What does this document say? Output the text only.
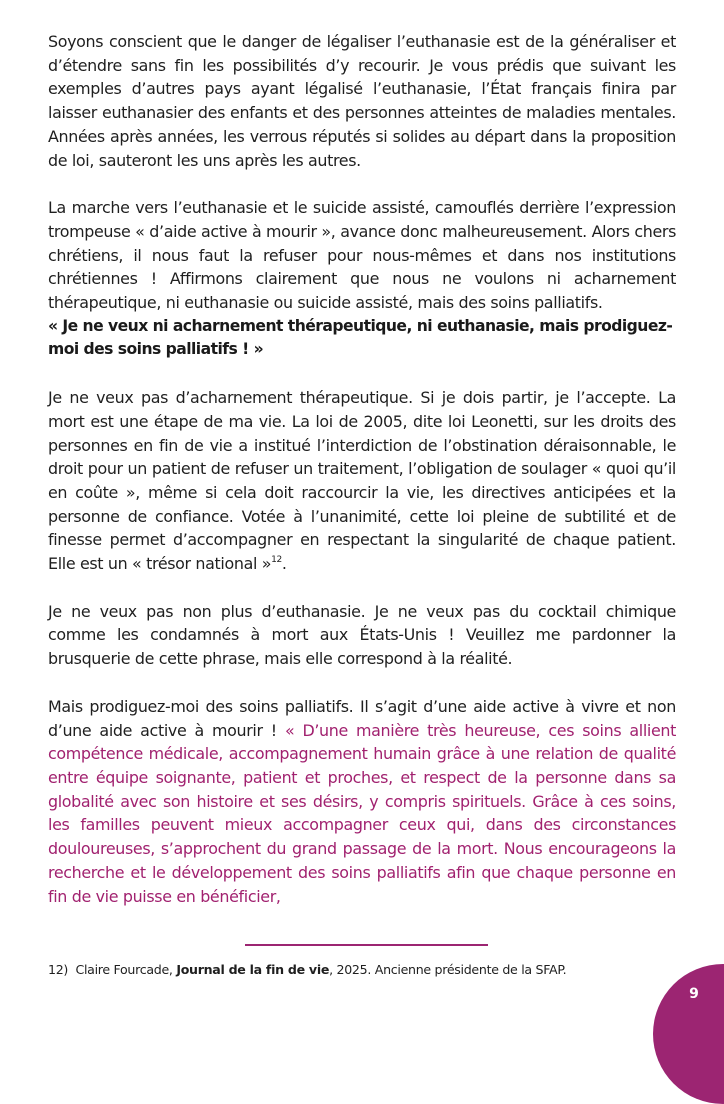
Soyons conscient que le danger de légaliser l’euthanasie est de la généraliser et d’étendre sans fin les possibilités d’y recourir. Je vous prédis que suivant les exemples d’autres pays ayant légalisé l’euthanasie, l’État français finira par laisser euthanasier des enfants et des personnes atteintes de maladies mentales. Années après années, les verrous réputés si solides au départ dans la proposition de loi, sauteront les uns après les autres.

La marche vers l’euthanasie et le suicide assisté, camouflés derrière l’expression trompeuse « d’aide active à mourir », avance donc malheureusement. Alors chers chrétiens, il nous faut la refuser pour nous-mêmes et dans nos institutions chrétiennes ! Affirmons clairement que nous ne voulons ni acharnement thérapeutique, ni euthanasie ou suicide assisté, mais des soins palliatifs.

« Je ne veux ni acharnement thérapeutique, ni euthanasie, mais prodiguez-moi des soins palliatifs ! »

Je ne veux pas d’acharnement thérapeutique. Si je dois partir, je l’accepte. La mort est une étape de ma vie. La loi de 2005, dite loi Leonetti, sur les droits des personnes en fin de vie a institué l’interdiction de l’obstination déraisonnable, le droit pour un patient de refuser un traitement, l’obligation de soulager « quoi qu’il en coûte », même si cela doit raccourcir la vie, les directives anticipées et la personne de confiance. Votée à l’unanimité, cette loi pleine de subtilité et de finesse permet d’accompagner en respectant la singularité de chaque patient. Elle est un « trésor national »$^{12}$.

Je ne veux pas non plus d’euthanasie. Je ne veux pas du cocktail chimique comme les condamnés à mort aux États-Unis ! Veuillez me pardonner la brusquerie de cette phrase, mais elle correspond à la réalité.

Mais prodiguez-moi des soins palliatifs. Il s’agit d’une aide active à vivre et non d’une aide active à mourir ! « D’une manière très heureuse, ces soins allient compétence médicale, accompagnement humain grâce à une relation de qualité entre équipe soignante, patient et proches, et respect de la personne dans sa globalité avec son histoire et ses désirs, y compris spirituels. Grâce à ces soins, les familles peuvent mieux accompagner ceux qui, dans des circonstances douloureuses, s’approchent du grand passage de la mort. Nous encourageons la recherche et le développement des soins palliatifs afin que chaque personne en fin de vie puisse en bénéficier,

12) Claire Fourcade, Journal de la fin de vie, 2025. Ancienne présidente de la SFAP.
9
